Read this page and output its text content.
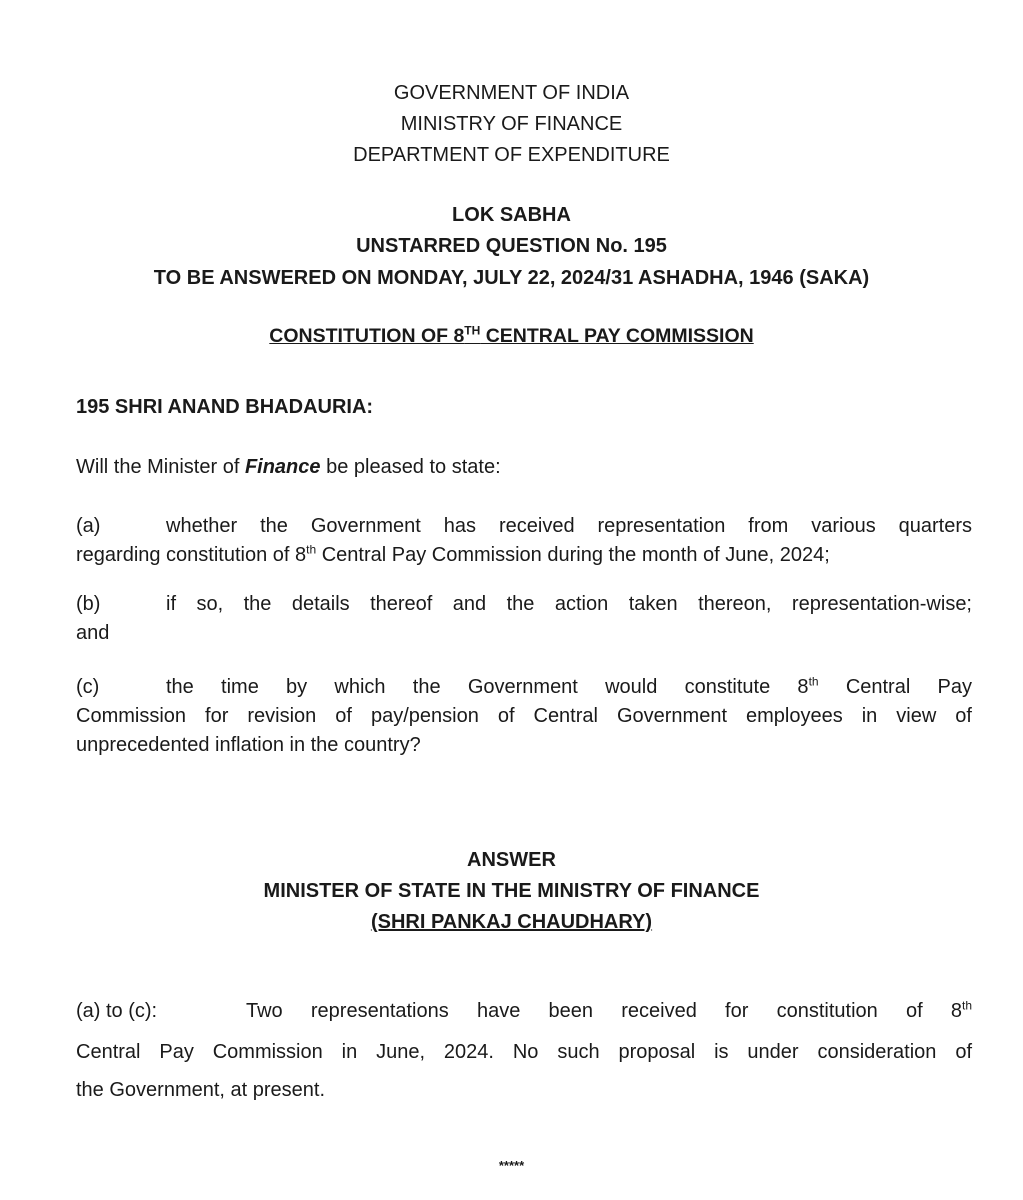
GOVERNMENT OF INDIA
MINISTRY OF FINANCE
DEPARTMENT OF EXPENDITURE
LOK SABHA
UNSTARRED QUESTION No. 195
TO BE ANSWERED ON MONDAY, JULY 22, 2024/31 ASHADHA, 1946 (SAKA)
CONSTITUTION OF 8TH CENTRAL PAY COMMISSION
195 SHRI ANAND BHADAURIA:
Will the Minister of Finance be pleased to state:
(a)	whether the Government has received representation from various quarters
regarding constitution of 8th Central Pay Commission during the month of June, 2024;
(b)	if so, the details thereof and the action taken thereon, representation-wise;
and
(c)	the time by which the Government would constitute 8th Central Pay
Commission for revision of pay/pension of Central Government employees in view of
unprecedented inflation in the country?
ANSWER
MINISTER OF STATE IN THE MINISTRY OF FINANCE
(SHRI PANKAJ CHAUDHARY)
(a) to (c):	Two representations have been received for constitution of 8th
Central Pay Commission in June, 2024. No such proposal is under consideration of
the Government, at present.
*****
